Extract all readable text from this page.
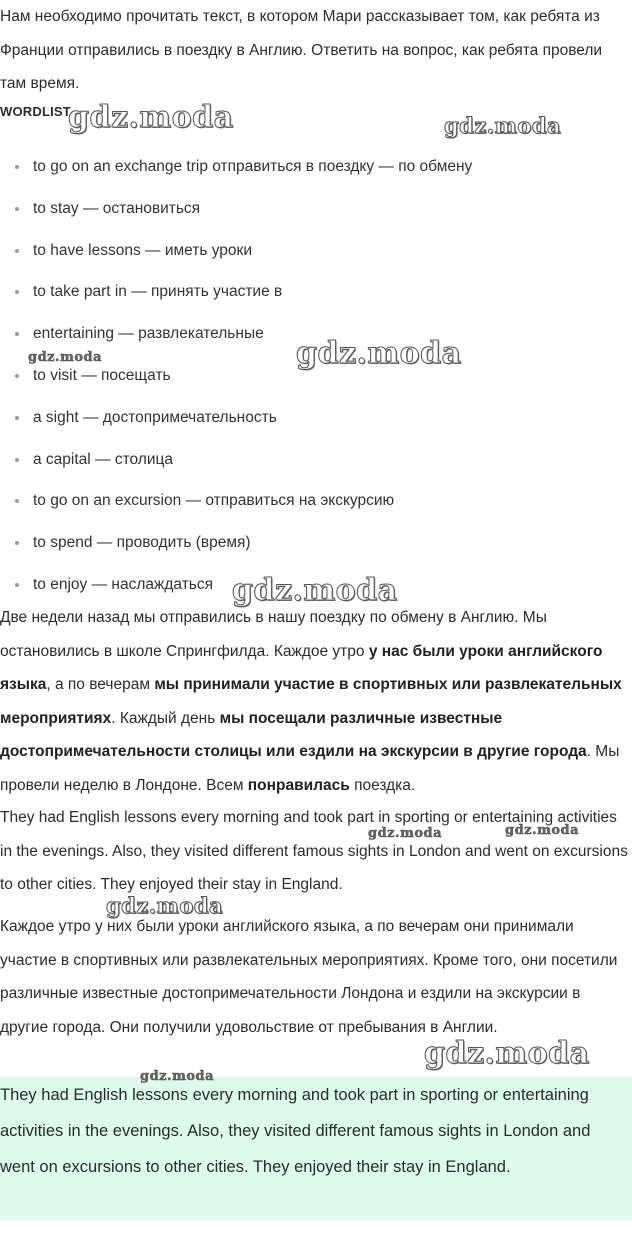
Нам необходимо прочитать текст, в котором Мари рассказывает том, как ребята из Франции отправились в поездку в Англию. Ответить на вопрос, как ребята провели там время.

WORDLIST

to go on an exchange trip отправиться в поездку — по обмену
to stay — остановиться
to have lessons — иметь уроки
to take part in — принять участие в
entertaining — развлекательные
to visit — посещать
a sight — достопримечательность
a capital — столица
to go on an excursion — отправиться на экскурсию
to spend — проводить (время)
to enjoy — наслаждаться

Две недели назад мы отправились в нашу поездку по обмену в Англию. Мы остановились в школе Спрингфилда. Каждое утро у нас были уроки английского языка, а по вечерам мы принимали участие в спортивных или развлекательных мероприятиях. Каждый день мы посещали различные известные достопримечательности столицы или ездили на экскурсии в другие города. Мы провели неделю в Лондоне. Всем понравилась поездка.

They had English lessons every morning and took part in sporting or entertaining activities in the evenings. Also, they visited different famous sights in London and went on excursions to other cities. They enjoyed their stay in England.

Каждое утро у них были уроки английского языка, а по вечерам они принимали участие в спортивных или развлекательных мероприятиях. Кроме того, они посетили различные известные достопримечательности Лондона и ездили на экскурсии в другие города. Они получили удовольствие от пребывания в Англии.

They had English lessons every morning and took part in sporting or entertaining activities in the evenings. Also, they visited different famous sights in London and went on excursions to other cities. They enjoyed their stay in England.

gdz.moda	gdz.moda
gdz.moda	gdz.moda
gdz.moda
gdz.moda	gdz.moda
gdz.moda
gdz.moda
gdz.moda
